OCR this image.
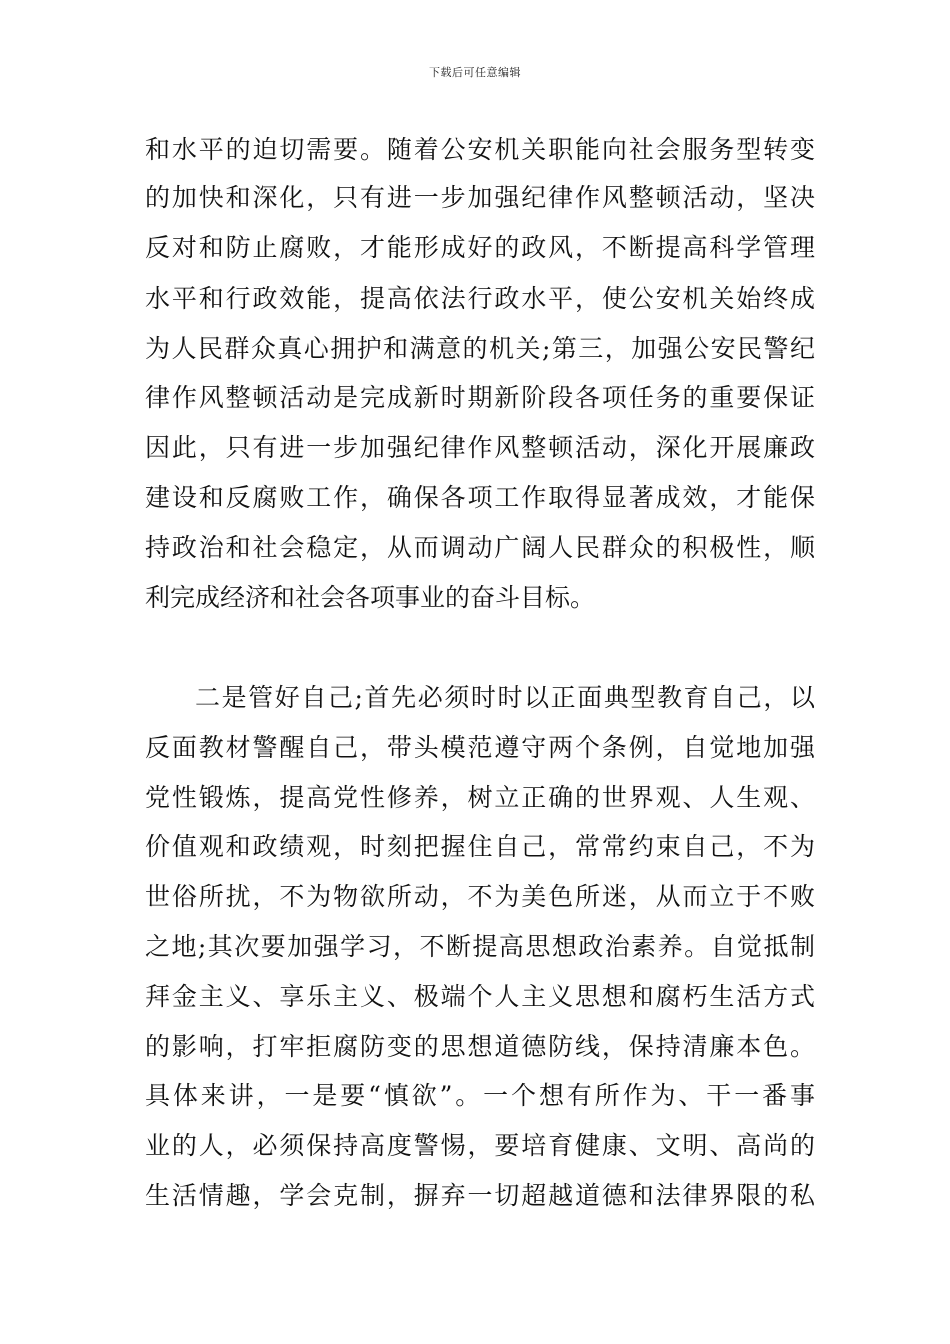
下载后可任意编辑
和水平的迫切需要。随着公安机关职能向社会服务型转变
的加快和深化，只有进一步加强纪律作风整顿活动，坚决
反对和防止腐败，才能形成好的政风，不断提高科学管理
水平和行政效能，提高依法行政水平，使公安机关始终成
为人民群众真心拥护和满意的机关;第三，加强公安民警纪
律作风整顿活动是完成新时期新阶段各项任务的重要保证
因此，只有进一步加强纪律作风整顿活动，深化开展廉政
建设和反腐败工作，确保各项工作取得显著成效，才能保
持政治和社会稳定，从而调动广阔人民群众的积极性，顺
利完成经济和社会各项事业的奋斗目标。
二是管好自己;首先必须时时以正面典型教育自己，以
反面教材警醒自己，带头模范遵守两个条例，自觉地加强
党性锻炼，提高党性修养，树立正确的世界观、人生观、
价值观和政绩观，时刻把握住自己，常常约束自己，不为
世俗所扰，不为物欲所动，不为美色所迷，从而立于不败
之地;其次要加强学习，不断提高思想政治素养。自觉抵制
拜金主义、享乐主义、极端个人主义思想和腐朽生活方式
的影响，打牢拒腐防变的思想道德防线，保持清廉本色。
具体来讲，一是要“慎欲”。一个想有所作为、干一番事
业的人，必须保持高度警惕，要培育健康、文明、高尚的
生活情趣，学会克制，摒弃一切超越道德和法律界限的私
